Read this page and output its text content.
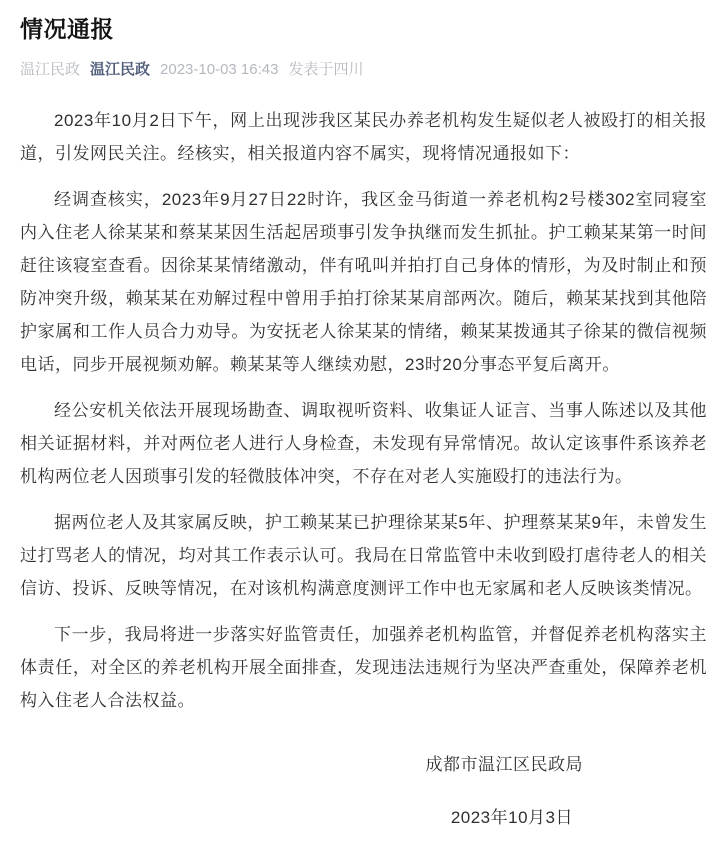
情况通报
温江民政 温江民政 2023-10-03 16:43 发表于四川

2023年10月2日下午，网上出现涉我区某民办养老机构发生疑似老人被殴打的相关报道，引发网民关注。经核实，相关报道内容不属实，现将情况通报如下：

经调查核实，2023年9月27日22时许，我区金马街道一养老机构2号楼302室同寝室内入住老人徐某某和蔡某某因生活起居琐事引发争执继而发生抓扯。护工赖某某第一时间赶往该寝室查看。因徐某某情绪激动，伴有吼叫并拍打自己身体的情形，为及时制止和预防冲突升级，赖某某在劝解过程中曾用手拍打徐某某肩部两次。随后，赖某某找到其他陪护家属和工作人员合力劝导。为安抚老人徐某某的情绪，赖某某拨通其子徐某的微信视频电话，同步开展视频劝解。赖某某等人继续劝慰，23时20分事态平复后离开。

经公安机关依法开展现场勘查、调取视听资料、收集证人证言、当事人陈述以及其他相关证据材料，并对两位老人进行人身检查，未发现有异常情况。故认定该事件系该养老机构两位老人因琐事引发的轻微肢体冲突，不存在对老人实施殴打的违法行为。

据两位老人及其家属反映，护工赖某某已护理徐某某5年、护理蔡某某9年，未曾发生过打骂老人的情况，均对其工作表示认可。我局在日常监管中未收到殴打虐待老人的相关信访、投诉、反映等情况，在对该机构满意度测评工作中也无家属和老人反映该类情况。

下一步，我局将进一步落实好监管责任，加强养老机构监管，并督促养老机构落实主体责任，对全区的养老机构开展全面排查，发现违法违规行为坚决严查重处，保障养老机构入住老人合法权益。

成都市温江区民政局

2023年10月3日
